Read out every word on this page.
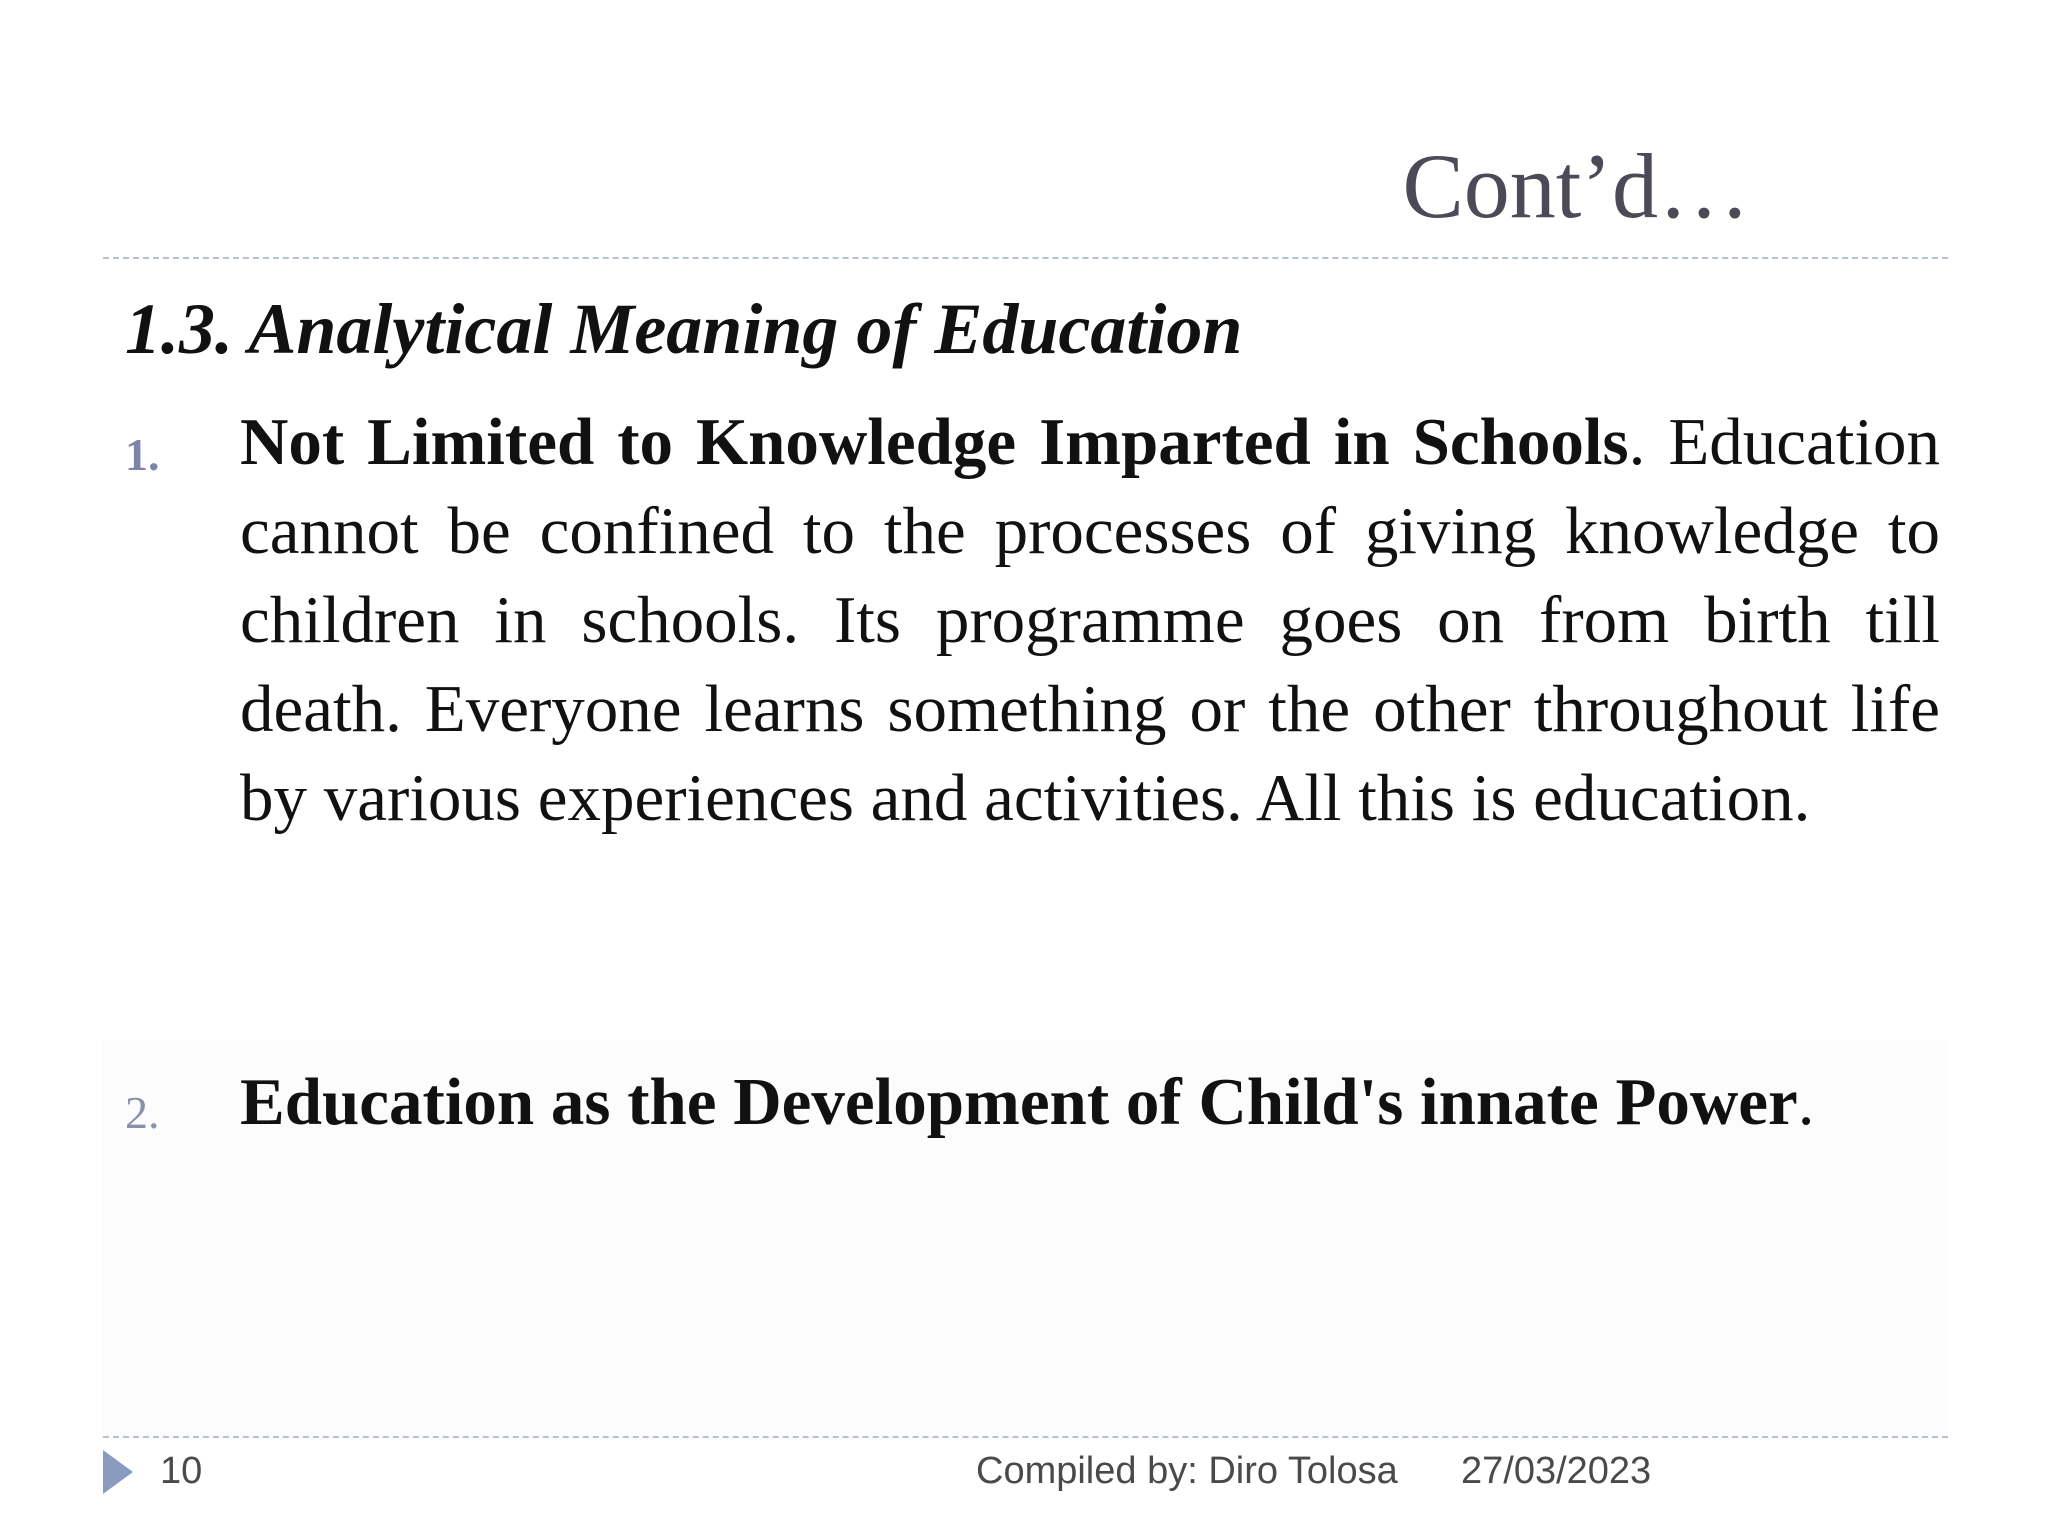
Cont’d…
1.3. Analytical Meaning of Education
1. Not Limited to Knowledge Imparted in Schools. Education cannot be confined to the processes of giving knowledge to children in schools. Its programme goes on from birth till death. Everyone learns something or the other throughout life by various experiences and activities. All this is education.
2. Education as the Development of Child's innate Power.
10	Compiled by: Diro Tolosa 27/03/2023
